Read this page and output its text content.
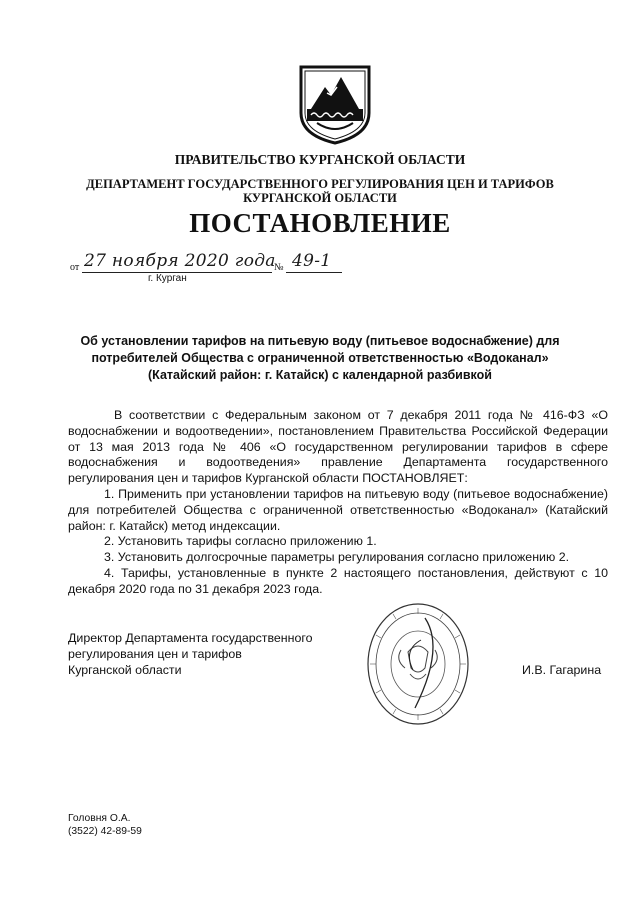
ПРАВИТЕЛЬСТВО КУРГАНСКОЙ ОБЛАСТИ
ДЕПАРТАМЕНТ ГОСУДАРСТВЕННОГО РЕГУЛИРОВАНИЯ ЦЕН И ТАРИФОВ
КУРГАНСКОЙ ОБЛАСТИ
ПОСТАНОВЛЕНИЕ
от 27 ноября 2020 года
№ 49-1
г. Курган
Об установлении тарифов на питьевую воду (питьевое водоснабжение) для
потребителей Общества с ограниченной ответственностью «Водоканал»
(Катайский район: г. Катайск) с календарной разбивкой

В соответствии с Федеральным законом от 7 декабря 2011 года № 416-ФЗ «О водоснабжении и водоотведении», постановлением Правительства Российской Федерации от 13 мая 2013 года № 406 «О государственном регулировании тарифов в сфере водоснабжения и водоотведения» правление Департамента государственного регулирования цен и тарифов Курганской области ПОСТАНОВЛЯЕТ:

1. Применить при установлении тарифов на питьевую воду (питьевое водоснабжение) для потребителей Общества с ограниченной ответственностью «Водоканал» (Катайский район: г. Катайск) метод индексации.

2. Установить тарифы согласно приложению 1.

3. Установить долгосрочные параметры регулирования согласно приложению 2.

4. Тарифы, установленные в пункте 2 настоящего постановления, действуют с 10 декабря 2020 года по 31 декабря 2023 года.

Директор Департамента государственного
регулирования цен и тарифов
Курганской области	И.В. Гагарина
Головня О.А.
(3522) 42-89-59
